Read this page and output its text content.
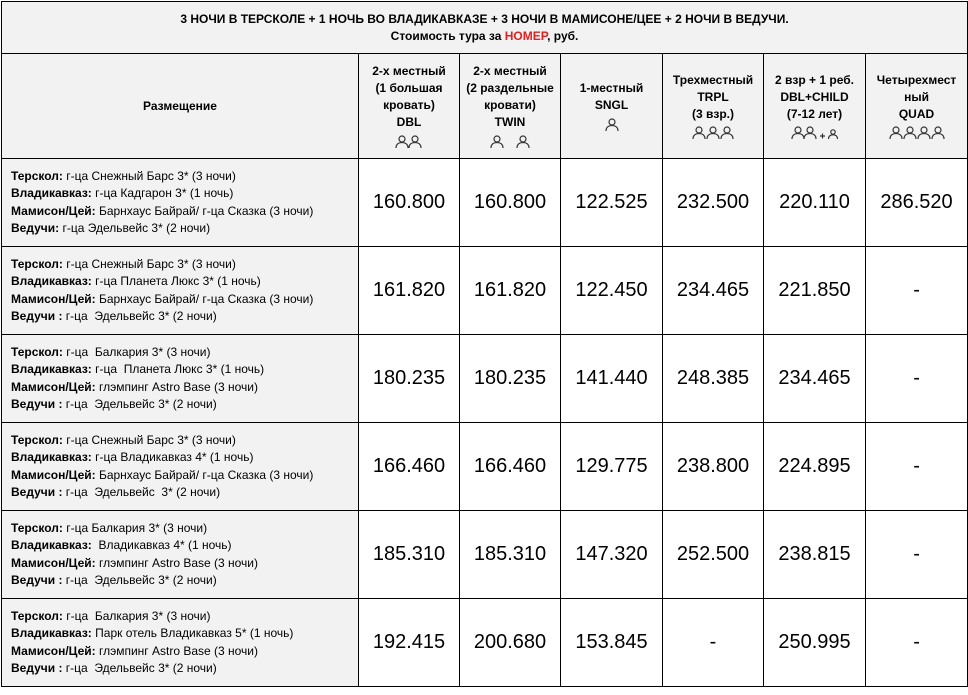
3 НОЧИ В ТЕРСКОЛЕ + 1 НОЧЬ ВО ВЛАДИКАВКАЗЕ + 3 НОЧИ В МАМИСОНЕ/ЦЕЕ + 2 НОЧИ В ВЕДУЧИ.
Стоимость тура за НОМЕР, руб.						

Размещение	2-х местный
(1 большая
кровать)
DBL	2-х местный
(2 раздельные
кровати)
TWIN	1-местный
SNGL	Трехместный
TRPL
(3 взр.)	2 взр + 1 реб.
DBL+CHILD
(7-12 лет)	Четырехмест
ный
QUAD

Терскол: г-ца Снежный Барс 3* (3 ночи)
Владикавказ: г-ца Кадгарон 3* (1 ночь)
Мамисон/Цей: Барнхаус Байрай/ г-ца Сказка (3 ночи)
Ведучи: г-ца Эдельвейс 3* (2 ночи)	160.800	160.800	122.525	232.500	220.110	286.520

Терскол: г-ца Снежный Барс 3* (3 ночи)
Владикавказ: г-ца Планета Люкс 3* (1 ночь)
Мамисон/Цей: Барнхаус Байрай/ г-ца Сказка (3 ночи)
Ведучи : г-ца  Эдельвейс 3* (2 ночи)	161.820	161.820	122.450	234.465	221.850	-

Терскол: г-ца  Балкария 3* (3 ночи)
Владикавказ: г-ца  Планета Люкс 3* (1 ночь)
Мамисон/Цей: глэмпинг Astro Base (3 ночи)
Ведучи : г-ца  Эдельвейс 3* (2 ночи)	180.235	180.235	141.440	248.385	234.465	-

Терскол: г-ца Снежный Барс 3* (3 ночи)
Владикавказ: г-ца Владикавказ 4* (1 ночь)
Мамисон/Цей: Барнхаус Байрай/ г-ца Сказка (3 ночи)
Ведучи : г-ца  Эдельвейс  3* (2 ночи)	166.460	166.460	129.775	238.800	224.895	-

Терскол: г-ца Балкария 3* (3 ночи)
Владикавказ:  Владикавказ 4* (1 ночь)
Мамисон/Цей: глэмпинг Astro Base (3 ночи)
Ведучи : г-ца  Эдельвейс 3* (2 ночи)	185.310	185.310	147.320	252.500	238.815	-

Терскол: г-ца  Балкария 3* (3 ночи)
Владикавказ: Парк отель Владикавказ 5* (1 ночь)
Мамисон/Цей: глэмпинг Astro Base (3 ночи)
Ведучи : г-ца  Эдельвейс 3* (2 ночи)	192.415	200.680	153.845	-	250.995	-
